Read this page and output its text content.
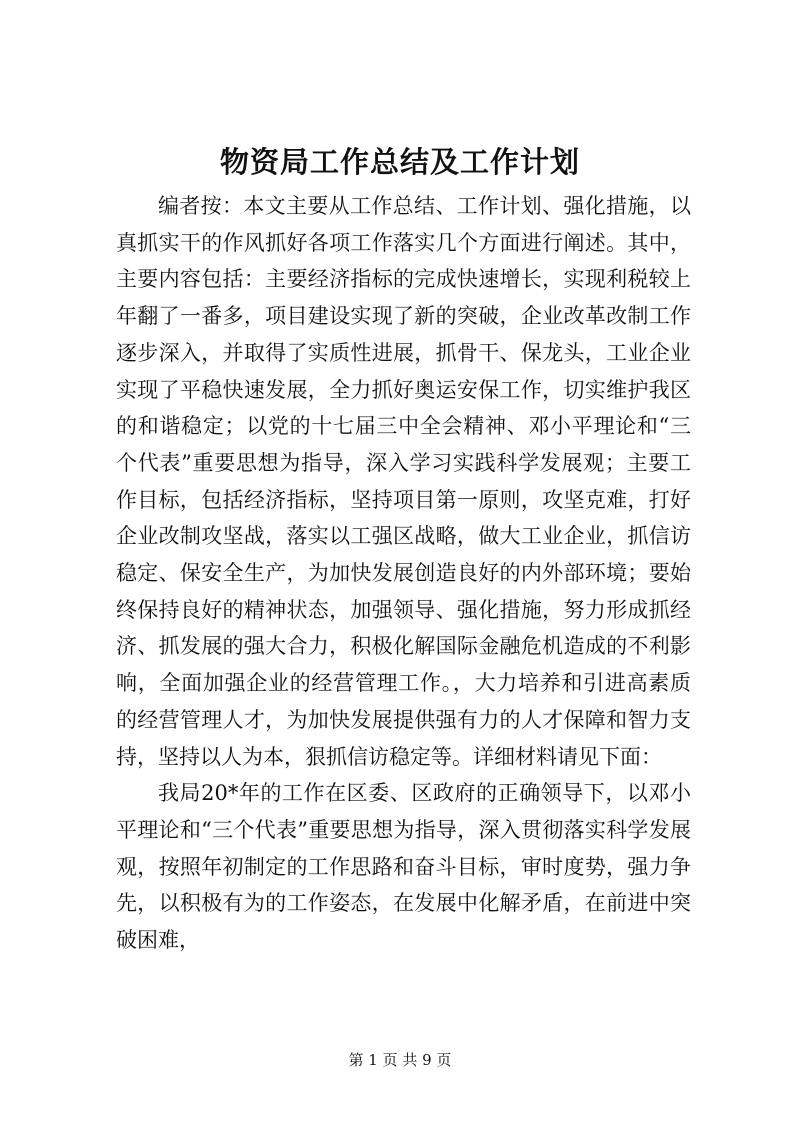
物资局工作总结及工作计划

编者按：本文主要从工作总结、工作计划、强化措施，以真抓实干的作风抓好各项工作落实几个方面进行阐述。其中，主要内容包括：主要经济指标的完成快速增长，实现利税较上年翻了一番多，项目建设实现了新的突破，企业改革改制工作逐步深入，并取得了实质性进展，抓骨干、保龙头，工业企业实现了平稳快速发展，全力抓好奥运安保工作，切实维护我区的和谐稳定；以党的十七届三中全会精神、邓小平理论和“三个代表”重要思想为指导，深入学习实践科学发展观；主要工作目标，包括经济指标，坚持项目第一原则，攻坚克难，打好企业改制攻坚战，落实以工强区战略，做大工业企业，抓信访稳定、保安全生产，为加快发展创造良好的内外部环境；要始终保持良好的精神状态，加强领导、强化措施，努力形成抓经济、抓发展的强大合力，积极化解国际金融危机造成的不利影响，全面加强企业的经营管理工作。，大力培养和引进高素质的经营管理人才，为加快发展提供强有力的人才保障和智力支持，坚持以人为本，狠抓信访稳定等。详细材料请见下面：

我局20*年的工作在区委、区政府的正确领导下，以邓小平理论和“三个代表”重要思想为指导，深入贯彻落实科学发展观，按照年初制定的工作思路和奋斗目标，审时度势，强力争先，以积极有为的工作姿态，在发展中化解矛盾，在前进中突破困难，

第 1 页 共 9 页
